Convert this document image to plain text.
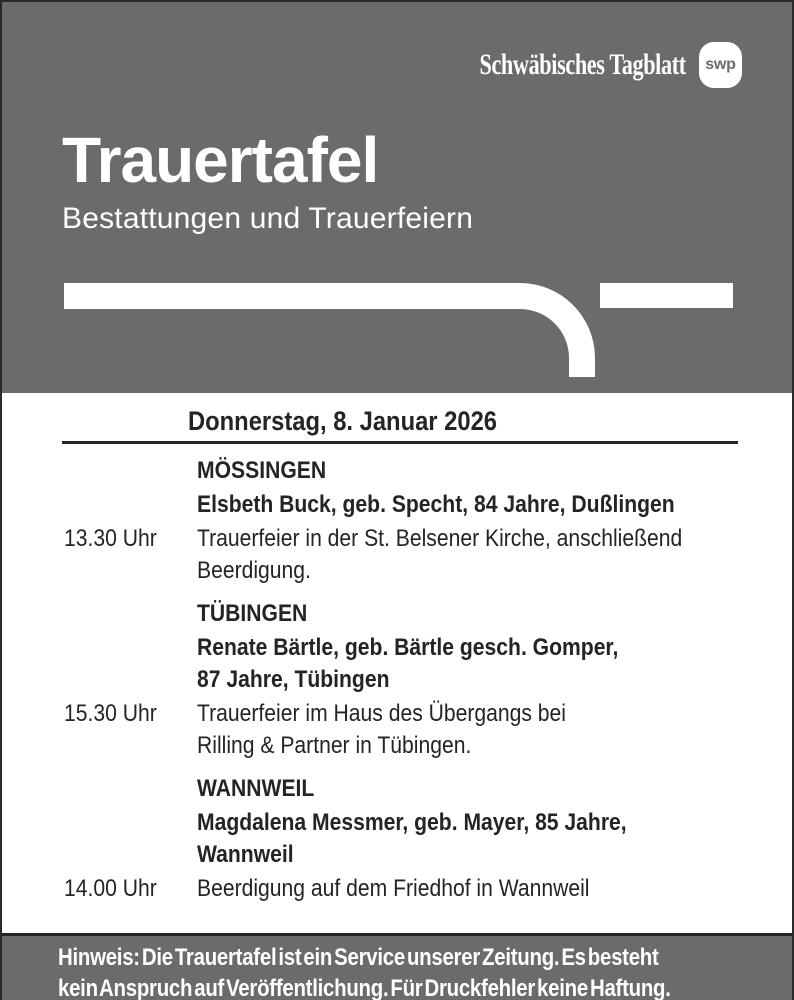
Schwäbisches Tagblatt swp
Trauertafel
Bestattungen und Trauerfeiern
Donnerstag, 8. Januar 2026
MÖSSINGEN
Elsbeth Buck, geb. Specht, 84 Jahre, Dußlingen
13.30 Uhr	Trauerfeier in der St. Belsener Kirche, anschließend
Beerdigung.
TÜBINGEN
Renate Bärtle, geb. Bärtle gesch. Gomper,
87 Jahre, Tübingen
15.30 Uhr	Trauerfeier im Haus des Übergangs bei
Rilling & Partner in Tübingen.
WANNWEIL
Magdalena Messmer, geb. Mayer, 85 Jahre,
Wannweil
14.00 Uhr	Beerdigung auf dem Friedhof in Wannweil
Hinweis: Die Trauertafel ist ein Service unserer Zeitung. Es besteht
kein Anspruch auf Veröffentlichung. Für Druckfehler keine Haftung.
